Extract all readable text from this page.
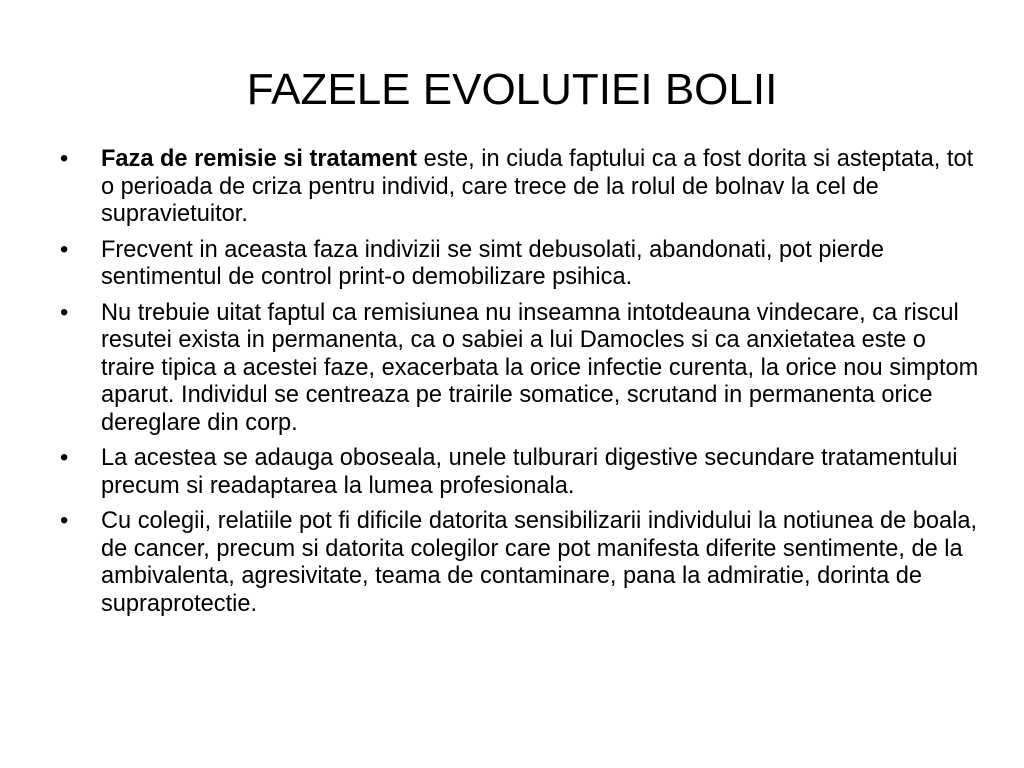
FAZELE EVOLUTIEI BOLII
• Faza de remisie si tratament este, in ciuda faptului ca a fost dorita si asteptata, tot o perioada de criza pentru individ, care trece de la rolul de bolnav la cel de supravietuitor.
• Frecvent in aceasta faza indivizii se simt debusolati, abandonati, pot pierde sentimentul de control print-o demobilizare psihica.
• Nu trebuie uitat faptul ca remisiunea nu inseamna intotdeauna vindecare, ca riscul resutei exista in permanenta, ca o sabiei a lui Damocles si ca anxietatea este o traire tipica a acestei faze, exacerbata la orice infectie curenta, la orice nou simptom aparut. Individul se centreaza pe trairile somatice, scrutand in permanenta orice dereglare din corp.
• La acestea se adauga oboseala, unele tulburari digestive secundare tratamentului precum si readaptarea la lumea profesionala.
• Cu colegii, relatiile pot fi dificile datorita sensibilizarii individului la notiunea de boala, de cancer, precum si datorita colegilor care pot manifesta diferite sentimente, de la ambivalenta, agresivitate, teama de contaminare, pana la admiratie, dorinta de supraprotectie.
